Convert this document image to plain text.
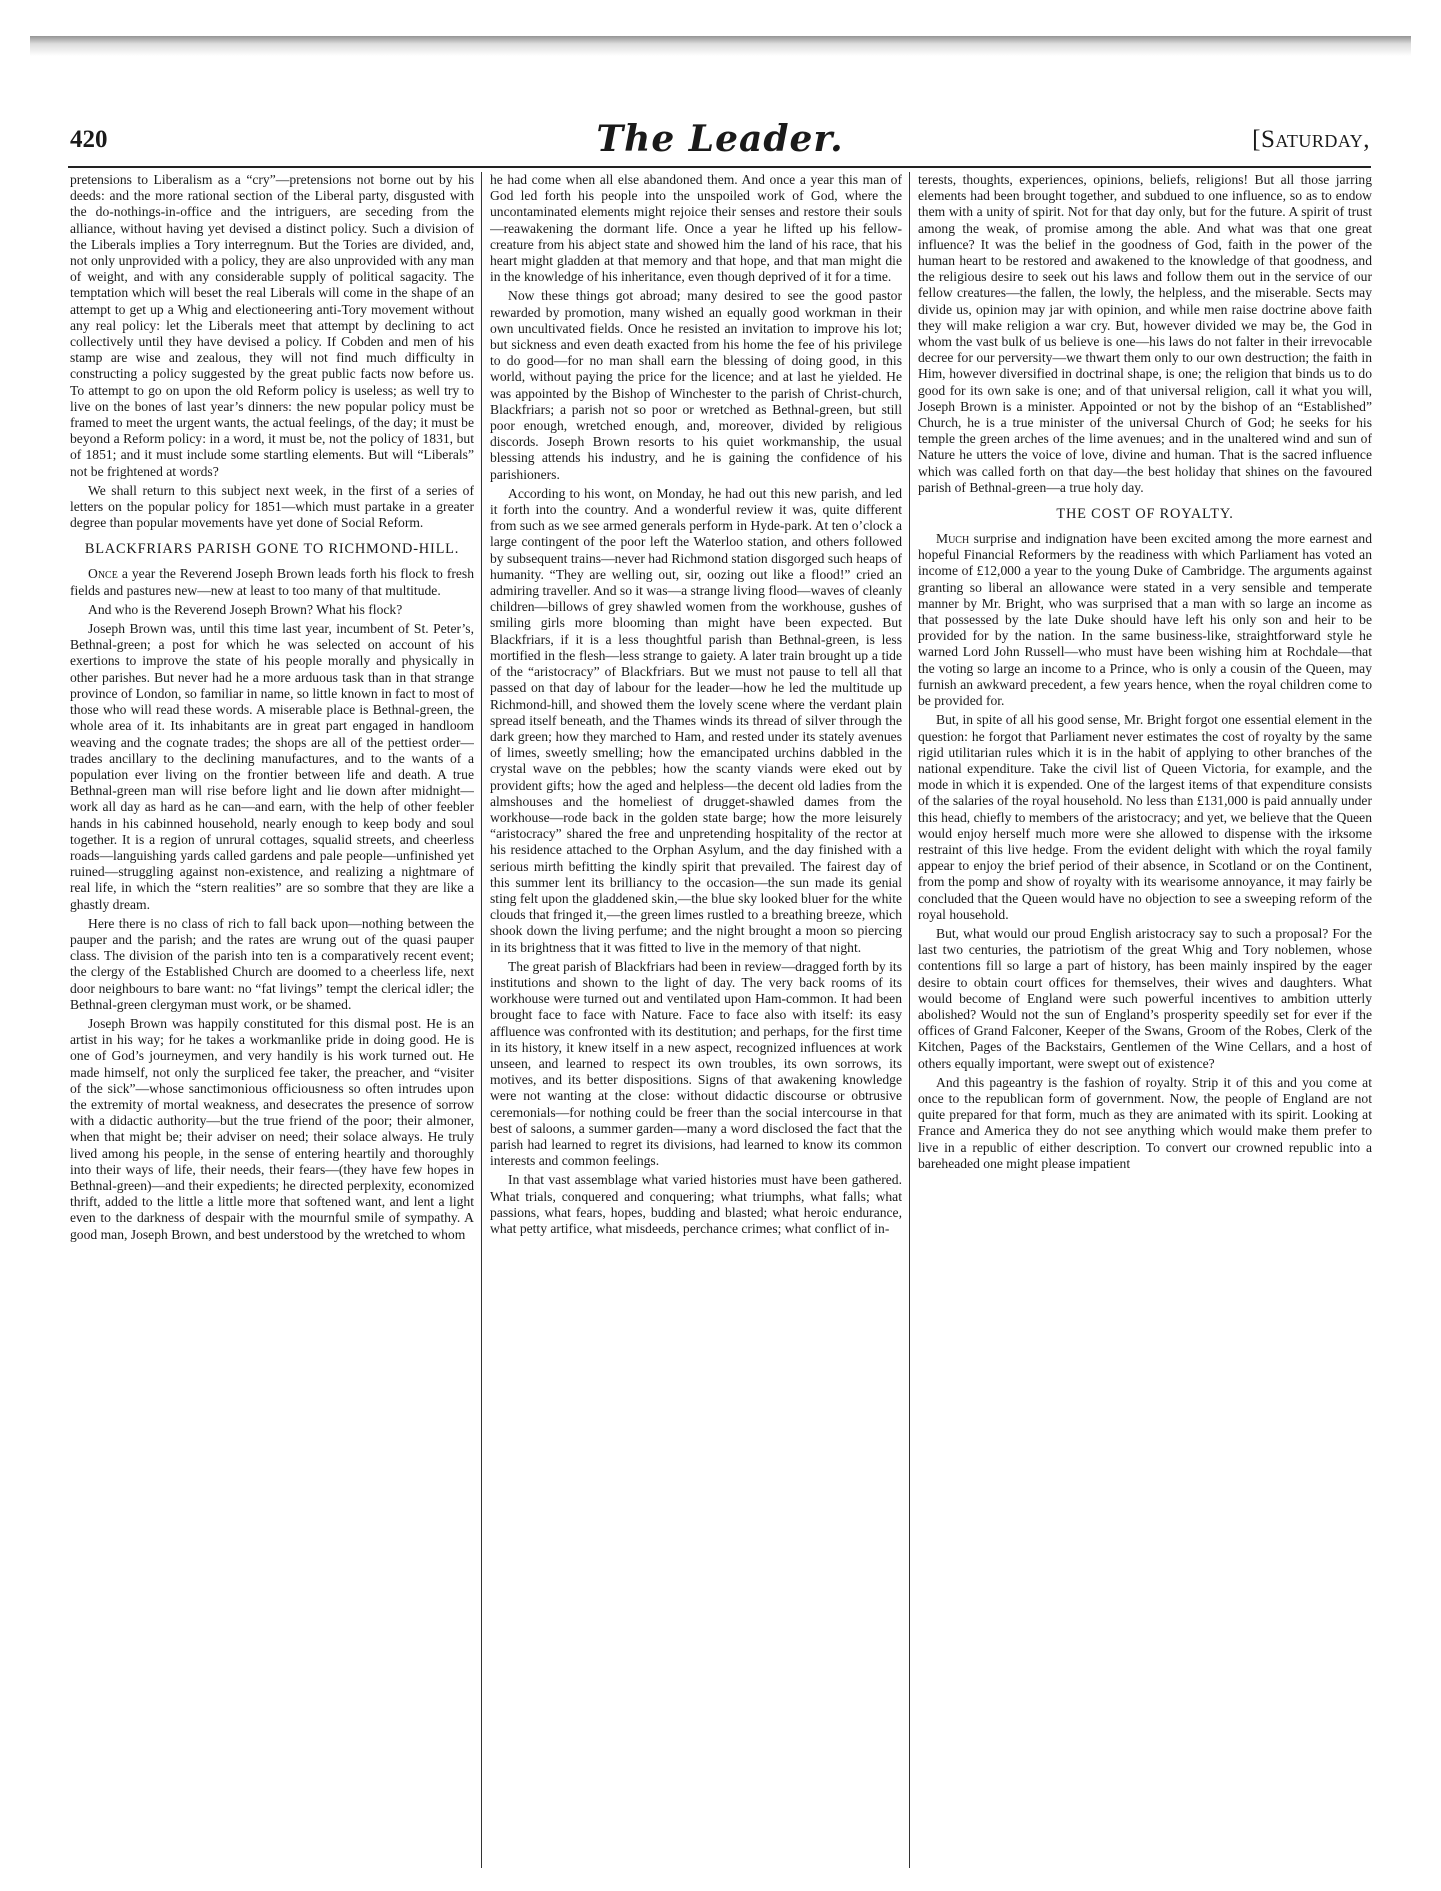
420	The Leader.	[Saturday,

pretensions to Liberalism as a “cry”—pretensions not borne out by his deeds: and the more rational section of the Liberal party, disgusted with the do-nothings-in-office and the intriguers, are seceding from the alliance, without having yet devised a distinct policy. Such a division of the Liberals implies a Tory interregnum. But the Tories are divided, and, not only unprovided with a policy, they are also unprovided with any man of weight, and with any considerable supply of political sagacity. The temptation which will beset the real Liberals will come in the shape of an attempt to get up a Whig and electioneering anti-Tory movement without any real policy: let the Liberals meet that attempt by declining to act collectively until they have devised a policy. If Cobden and men of his stamp are wise and zealous, they will not find much difficulty in constructing a policy suggested by the great public facts now before us. To attempt to go on upon the old Reform policy is useless; as well try to live on the bones of last year’s dinners: the new popular policy must be framed to meet the urgent wants, the actual feelings, of the day; it must be beyond a Reform policy: in a word, it must be, not the policy of 1831, but of 1851; and it must include some startling elements. But will “Liberals” not be frightened at words?

We shall return to this subject next week, in the first of a series of letters on the popular policy for 1851—which must partake in a greater degree than popular movements have yet done of Social Reform.

BLACKFRIARS PARISH GONE TO RICHMOND-HILL.

Once a year the Reverend Joseph Brown leads forth his flock to fresh fields and pastures new—new at least to too many of that multitude.

And who is the Reverend Joseph Brown? What his flock?

Joseph Brown was, until this time last year, incumbent of St. Peter’s, Bethnal-green; a post for which he was selected on account of his exertions to improve the state of his people morally and physically in other parishes. But never had he a more arduous task than in that strange province of London, so familiar in name, so little known in fact to most of those who will read these words. A miserable place is Bethnal-green, the whole area of it. Its inhabitants are in great part engaged in handloom weaving and the cognate trades; the shops are all of the pettiest order—trades ancillary to the declining manufactures, and to the wants of a population ever living on the frontier between life and death. A true Bethnal-green man will rise before light and lie down after midnight—work all day as hard as he can—and earn, with the help of other feebler hands in his cabinned household, nearly enough to keep body and soul together. It is a region of unrural cottages, squalid streets, and cheerless roads—languishing yards called gardens and pale people—unfinished yet ruined—struggling against non-existence, and realizing a nightmare of real life, in which the “stern realities” are so sombre that they are like a ghastly dream.

Here there is no class of rich to fall back upon—nothing between the pauper and the parish; and the rates are wrung out of the quasi pauper class. The division of the parish into ten is a comparatively recent event; the clergy of the Established Church are doomed to a cheerless life, next door neighbours to bare want: no “fat livings” tempt the clerical idler; the Bethnal-green clergyman must work, or be shamed.

Joseph Brown was happily constituted for this dismal post. He is an artist in his way; for he takes a workmanlike pride in doing good. He is one of God’s journeymen, and very handily is his work turned out. He made himself, not only the surpliced fee taker, the preacher, and “visiter of the sick”—whose sanctimonious officiousness so often intrudes upon the extremity of mortal weakness, and desecrates the presence of sorrow with a didactic authority—but the true friend of the poor; their almoner, when that might be; their adviser on need; their solace always. He truly lived among his people, in the sense of entering heartily and thoroughly into their ways of life, their needs, their fears—(they have few hopes in Bethnal-green)—and their expedients; he directed perplexity, economized thrift, added to the little a little more that softened want, and lent a light even to the darkness of despair with the mournful smile of sympathy. A good man, Joseph Brown, and best understood by the wretched to whom

he had come when all else abandoned them. And once a year this man of God led forth his people into the unspoiled work of God, where the uncontaminated elements might rejoice their senses and restore their souls—reawakening the dormant life. Once a year he lifted up his fellow-creature from his abject state and showed him the land of his race, that his heart might gladden at that memory and that hope, and that man might die in the knowledge of his inheritance, even though deprived of it for a time.

Now these things got abroad; many desired to see the good pastor rewarded by promotion, many wished an equally good workman in their own uncultivated fields. Once he resisted an invitation to improve his lot; but sickness and even death exacted from his home the fee of his privilege to do good—for no man shall earn the blessing of doing good, in this world, without paying the price for the licence; and at last he yielded. He was appointed by the Bishop of Winchester to the parish of Christ-church, Blackfriars; a parish not so poor or wretched as Bethnal-green, but still poor enough, wretched enough, and, moreover, divided by religious discords. Joseph Brown resorts to his quiet workmanship, the usual blessing attends his industry, and he is gaining the confidence of his parishioners.

According to his wont, on Monday, he had out this new parish, and led it forth into the country. And a wonderful review it was, quite different from such as we see armed generals perform in Hyde-park. At ten o’clock a large contingent of the poor left the Waterloo station, and others followed by subsequent trains—never had Richmond station disgorged such heaps of humanity. “They are welling out, sir, oozing out like a flood!” cried an admiring traveller. And so it was—a strange living flood—waves of cleanly children—billows of grey shawled women from the workhouse, gushes of smiling girls more blooming than might have been expected. But Blackfriars, if it is a less thoughtful parish than Bethnal-green, is less mortified in the flesh—less strange to gaiety. A later train brought up a tide of the “aristocracy” of Blackfriars. But we must not pause to tell all that passed on that day of labour for the leader—how he led the multitude up Richmond-hill, and showed them the lovely scene where the verdant plain spread itself beneath, and the Thames winds its thread of silver through the dark green; how they marched to Ham, and rested under its stately avenues of limes, sweetly smelling; how the emancipated urchins dabbled in the crystal wave on the pebbles; how the scanty viands were eked out by provident gifts; how the aged and helpless—the decent old ladies from the almshouses and the homeliest of drugget-shawled dames from the workhouse—rode back in the golden state barge; how the more leisurely “aristocracy” shared the free and unpretending hospitality of the rector at his residence attached to the Orphan Asylum, and the day finished with a serious mirth befitting the kindly spirit that prevailed. The fairest day of this summer lent its brilliancy to the occasion—the sun made its genial sting felt upon the gladdened skin,—the blue sky looked bluer for the white clouds that fringed it,—the green limes rustled to a breathing breeze, which shook down the living perfume; and the night brought a moon so piercing in its brightness that it was fitted to live in the memory of that night.

The great parish of Blackfriars had been in review—dragged forth by its institutions and shown to the light of day. The very back rooms of its workhouse were turned out and ventilated upon Ham-common. It had been brought face to face with Nature. Face to face also with itself: its easy affluence was confronted with its destitution; and perhaps, for the first time in its history, it knew itself in a new aspect, recognized influences at work unseen, and learned to respect its own troubles, its own sorrows, its motives, and its better dispositions. Signs of that awakening knowledge were not wanting at the close: without didactic discourse or obtrusive ceremonials—for nothing could be freer than the social intercourse in that best of saloons, a summer garden—many a word disclosed the fact that the parish had learned to regret its divisions, had learned to know its common interests and common feelings.

In that vast assemblage what varied histories must have been gathered. What trials, conquered and conquering; what triumphs, what falls; what passions, what fears, hopes, budding and blasted; what heroic endurance, what petty artifice, what misdeeds, perchance crimes; what conflict of in-

terests, thoughts, experiences, opinions, beliefs, religions! But all those jarring elements had been brought together, and subdued to one influence, so as to endow them with a unity of spirit. Not for that day only, but for the future. A spirit of trust among the weak, of promise among the able. And what was that one great influence? It was the belief in the goodness of God, faith in the power of the human heart to be restored and awakened to the knowledge of that goodness, and the religious desire to seek out his laws and follow them out in the service of our fellow creatures—the fallen, the lowly, the helpless, and the miserable. Sects may divide us, opinion may jar with opinion, and while men raise doctrine above faith they will make religion a war cry. But, however divided we may be, the God in whom the vast bulk of us believe is one—his laws do not falter in their irrevocable decree for our perversity—we thwart them only to our own destruction; the faith in Him, however diversified in doctrinal shape, is one; the religion that binds us to do good for its own sake is one; and of that universal religion, call it what you will, Joseph Brown is a minister. Appointed or not by the bishop of an “Established” Church, he is a true minister of the universal Church of God; he seeks for his temple the green arches of the lime avenues; and in the unaltered wind and sun of Nature he utters the voice of love, divine and human. That is the sacred influence which was called forth on that day—the best holiday that shines on the favoured parish of Bethnal-green—a true holy day.

THE COST OF ROYALTY.

Much surprise and indignation have been excited among the more earnest and hopeful Financial Reformers by the readiness with which Parliament has voted an income of £12,000 a year to the young Duke of Cambridge. The arguments against granting so liberal an allowance were stated in a very sensible and temperate manner by Mr. Bright, who was surprised that a man with so large an income as that possessed by the late Duke should have left his only son and heir to be provided for by the nation. In the same business-like, straightforward style he warned Lord John Russell—who must have been wishing him at Rochdale—that the voting so large an income to a Prince, who is only a cousin of the Queen, may furnish an awkward precedent, a few years hence, when the royal children come to be provided for.

But, in spite of all his good sense, Mr. Bright forgot one essential element in the question: he forgot that Parliament never estimates the cost of royalty by the same rigid utilitarian rules which it is in the habit of applying to other branches of the national expenditure. Take the civil list of Queen Victoria, for example, and the mode in which it is expended. One of the largest items of that expenditure consists of the salaries of the royal household. No less than £131,000 is paid annually under this head, chiefly to members of the aristocracy; and yet, we believe that the Queen would enjoy herself much more were she allowed to dispense with the irksome restraint of this live hedge. From the evident delight with which the royal family appear to enjoy the brief period of their absence, in Scotland or on the Continent, from the pomp and show of royalty with its wearisome annoyance, it may fairly be concluded that the Queen would have no objection to see a sweeping reform of the royal household.

But, what would our proud English aristocracy say to such a proposal? For the last two centuries, the patriotism of the great Whig and Tory noblemen, whose contentions fill so large a part of history, has been mainly inspired by the eager desire to obtain court offices for themselves, their wives and daughters. What would become of England were such powerful incentives to ambition utterly abolished? Would not the sun of England’s prosperity speedily set for ever if the offices of Grand Falconer, Keeper of the Swans, Groom of the Robes, Clerk of the Kitchen, Pages of the Backstairs, Gentlemen of the Wine Cellars, and a host of others equally important, were swept out of existence?

And this pageantry is the fashion of royalty. Strip it of this and you come at once to the republican form of government. Now, the people of England are not quite prepared for that form, much as they are animated with its spirit. Looking at France and America they do not see anything which would make them prefer to live in a republic of either description. To convert our crowned republic into a bareheaded one might please impatient
